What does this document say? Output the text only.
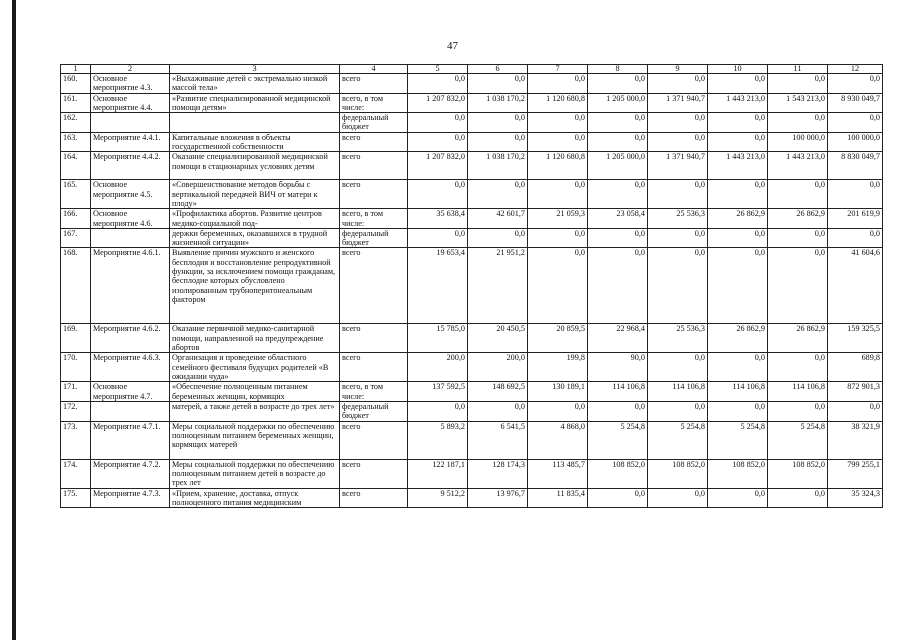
47
1	2	3	4	5	6	7	8	9	10	11	12
160.	Основное мероприятие 4.3.	«Выхаживание детей с экстремально низкой массой тела»	всего	0,0	0,0	0,0	0,0	0,0	0,0	0,0	0,0
161.	Основное мероприятие 4.4.	«Развитие специализированной медицинской помощи детям»	всего, в том числе:	1 207 832,0	1 038 170,2	1 120 680,8	1 205 000,0	1 371 940,7	1 443 213,0	1 543 213,0	8 930 049,7
162.			федеральный бюджет	0,0	0,0	0,0	0,0	0,0	0,0	0,0	0,0
163.	Мероприятие 4.4.1.	Капитальные вложения в объекты государственной собственности	всего	0,0	0,0	0,0	0,0	0,0	0,0	100 000,0	100 000,0
164.	Мероприятие 4.4.2.	Оказание специализированной медицинской помощи в стационарных условиях детям	всего	1 207 832,0	1 038 170,2	1 120 680,8	1 205 000,0	1 371 940,7	1 443 213,0	1 443 213,0	8 830 049,7
165.	Основное мероприятие 4.5.	«Совершенствование методов борьбы с вертикальной передачей ВИЧ от матери к плоду»	всего	0,0	0,0	0,0	0,0	0,0	0,0	0,0	0,0
166.	Основное мероприятие 4.6.	«Профилактика абортов. Развитие центров медико-социальной под-	всего, в том числе:	35 638,4	42 601,7	21 059,3	23 058,4	25 536,3	26 862,9	26 862,9	201 619,9
167.		держки беременных, оказавшихся в трудной жизненной ситуации»	федеральный бюджет	0,0	0,0	0,0	0,0	0,0	0,0	0,0	0,0
168.	Мероприятие 4.6.1.	Выявление причин мужского и женского бесплодия и восстановление репродуктивной функции, за исключением помощи гражданам, бесплодие которых обусловлено изолированным трубноперитонеальным фактором	всего	19 653,4	21 951,2	0,0	0,0	0,0	0,0	0,0	41 604,6
169.	Мероприятие 4.6.2.	Оказание первичной медико-санитарной помощи, направленной на предупреждение абортов	всего	15 785,0	20 450,5	20 859,5	22 968,4	25 536,3	26 862,9	26 862,9	159 325,5
170.	Мероприятие 4.6.3.	Организация и проведение областного семейного фестиваля будущих родителей «В ожидании чуда»	всего	200,0	200,0	199,8	90,0	0,0	0,0	0,0	689,8
171.	Основное мероприятие 4.7.	«Обеспечение полноценным питанием беременных женщин, кормящих	всего, в том числе:	137 592,5	148 692,5	130 189,1	114 106,8	114 106,8	114 106,8	114 106,8	872 901,3
172.		матерей, а также детей в возрасте до трех лет»	федеральный бюджет	0,0	0,0	0,0	0,0	0,0	0,0	0,0	0,0
173.	Мероприятие 4.7.1.	Меры социальной поддержки по обеспечению полноценным питанием беременных женщин, кормящих матерей	всего	5 893,2	6 541,5	4 868,0	5 254,8	5 254,8	5 254,8	5 254,8	38 321,9
174.	Мероприятие 4.7.2.	Меры социальной поддержки по обеспечению полноценным питанием детей в возрасте до трех лет	всего	122 187,1	128 174,3	113 485,7	108 852,0	108 852,0	108 852,0	108 852,0	799 255,1
175.	Мероприятие 4.7.3.	«Прием, хранение, доставка, отпуск полноценного питания медицинским	всего	9 512,2	13 976,7	11 835,4	0,0	0,0	0,0	0,0	35 324,3
